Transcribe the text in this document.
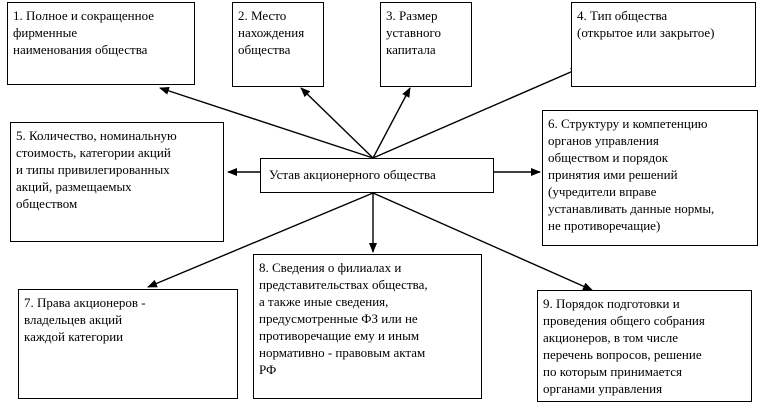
1. Полное и сокращенное
фирменные
наименования общества
2. Место
нахождения
общества
3. Размер
уставного
капитала
4. Тип общества
(открытое или закрытое)
5. Количество, номинальную
стоимость, категории акций
и типы привилегированных
акций, размещаемых
обществом
Устав акционерного общества
6. Структуру и компетенцию
органов управления
обществом и порядок
принятия ими решений
(учредители вправе
устанавливать данные нормы,
не противоречащие)
7. Права акционеров -
владельцев акций
каждой категории
8. Сведения о филиалах и
представительствах общества,
а также иные сведения,
предусмотренные ФЗ или не
противоречащие ему и иным
нормативно - правовым актам
РФ
9. Порядок подготовки и
проведения общего собрания
акционеров, в том числе
перечень вопросов, решение
по которым принимается
органами управления
